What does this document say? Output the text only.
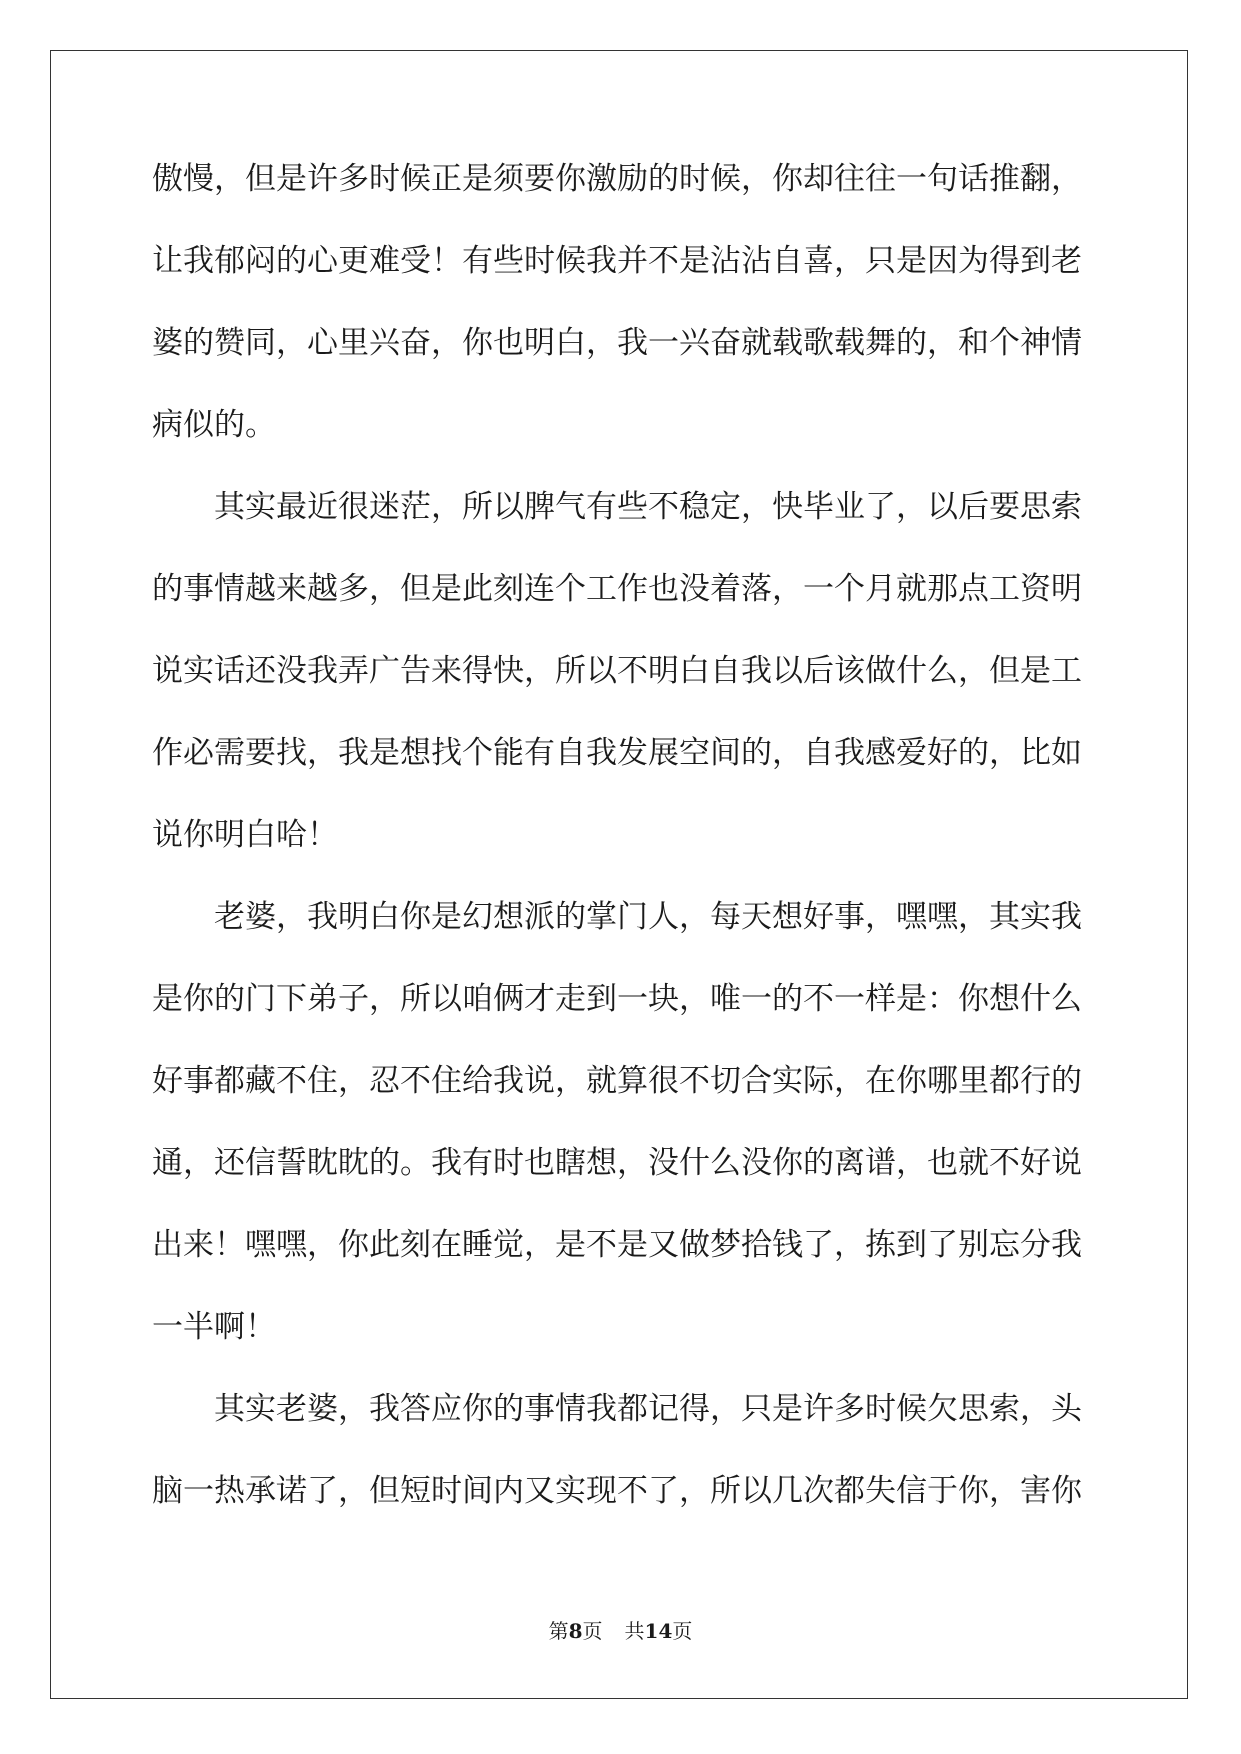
傲慢，但是许多时候正是须要你激励的时候，你却往往一句话推翻，
让我郁闷的心更难受！有些时候我并不是沾沾自喜，只是因为得到老
婆的赞同，心里兴奋，你也明白，我一兴奋就载歌载舞的，和个神情
病似的。
　　其实最近很迷茫，所以脾气有些不稳定，快毕业了，以后要思索
的事情越来越多，但是此刻连个工作也没着落，一个月就那点工资明
说实话还没我弄广告来得快，所以不明白自我以后该做什么，但是工
作必需要找，我是想找个能有自我发展空间的，自我感爱好的，比如
说你明白哈！
　　老婆，我明白你是幻想派的掌门人，每天想好事，嘿嘿，其实我
是你的门下弟子，所以咱俩才走到一块，唯一的不一样是：你想什么
好事都藏不住，忍不住给我说，就算很不切合实际，在你哪里都行的
通，还信誓眈眈的。我有时也瞎想，没什么没你的离谱，也就不好说
出来！嘿嘿，你此刻在睡觉，是不是又做梦拾钱了，拣到了别忘分我
一半啊！
　　其实老婆，我答应你的事情我都记得，只是许多时候欠思索，头
脑一热承诺了，但短时间内又实现不了，所以几次都失信于你，害你
第8页 共14页
